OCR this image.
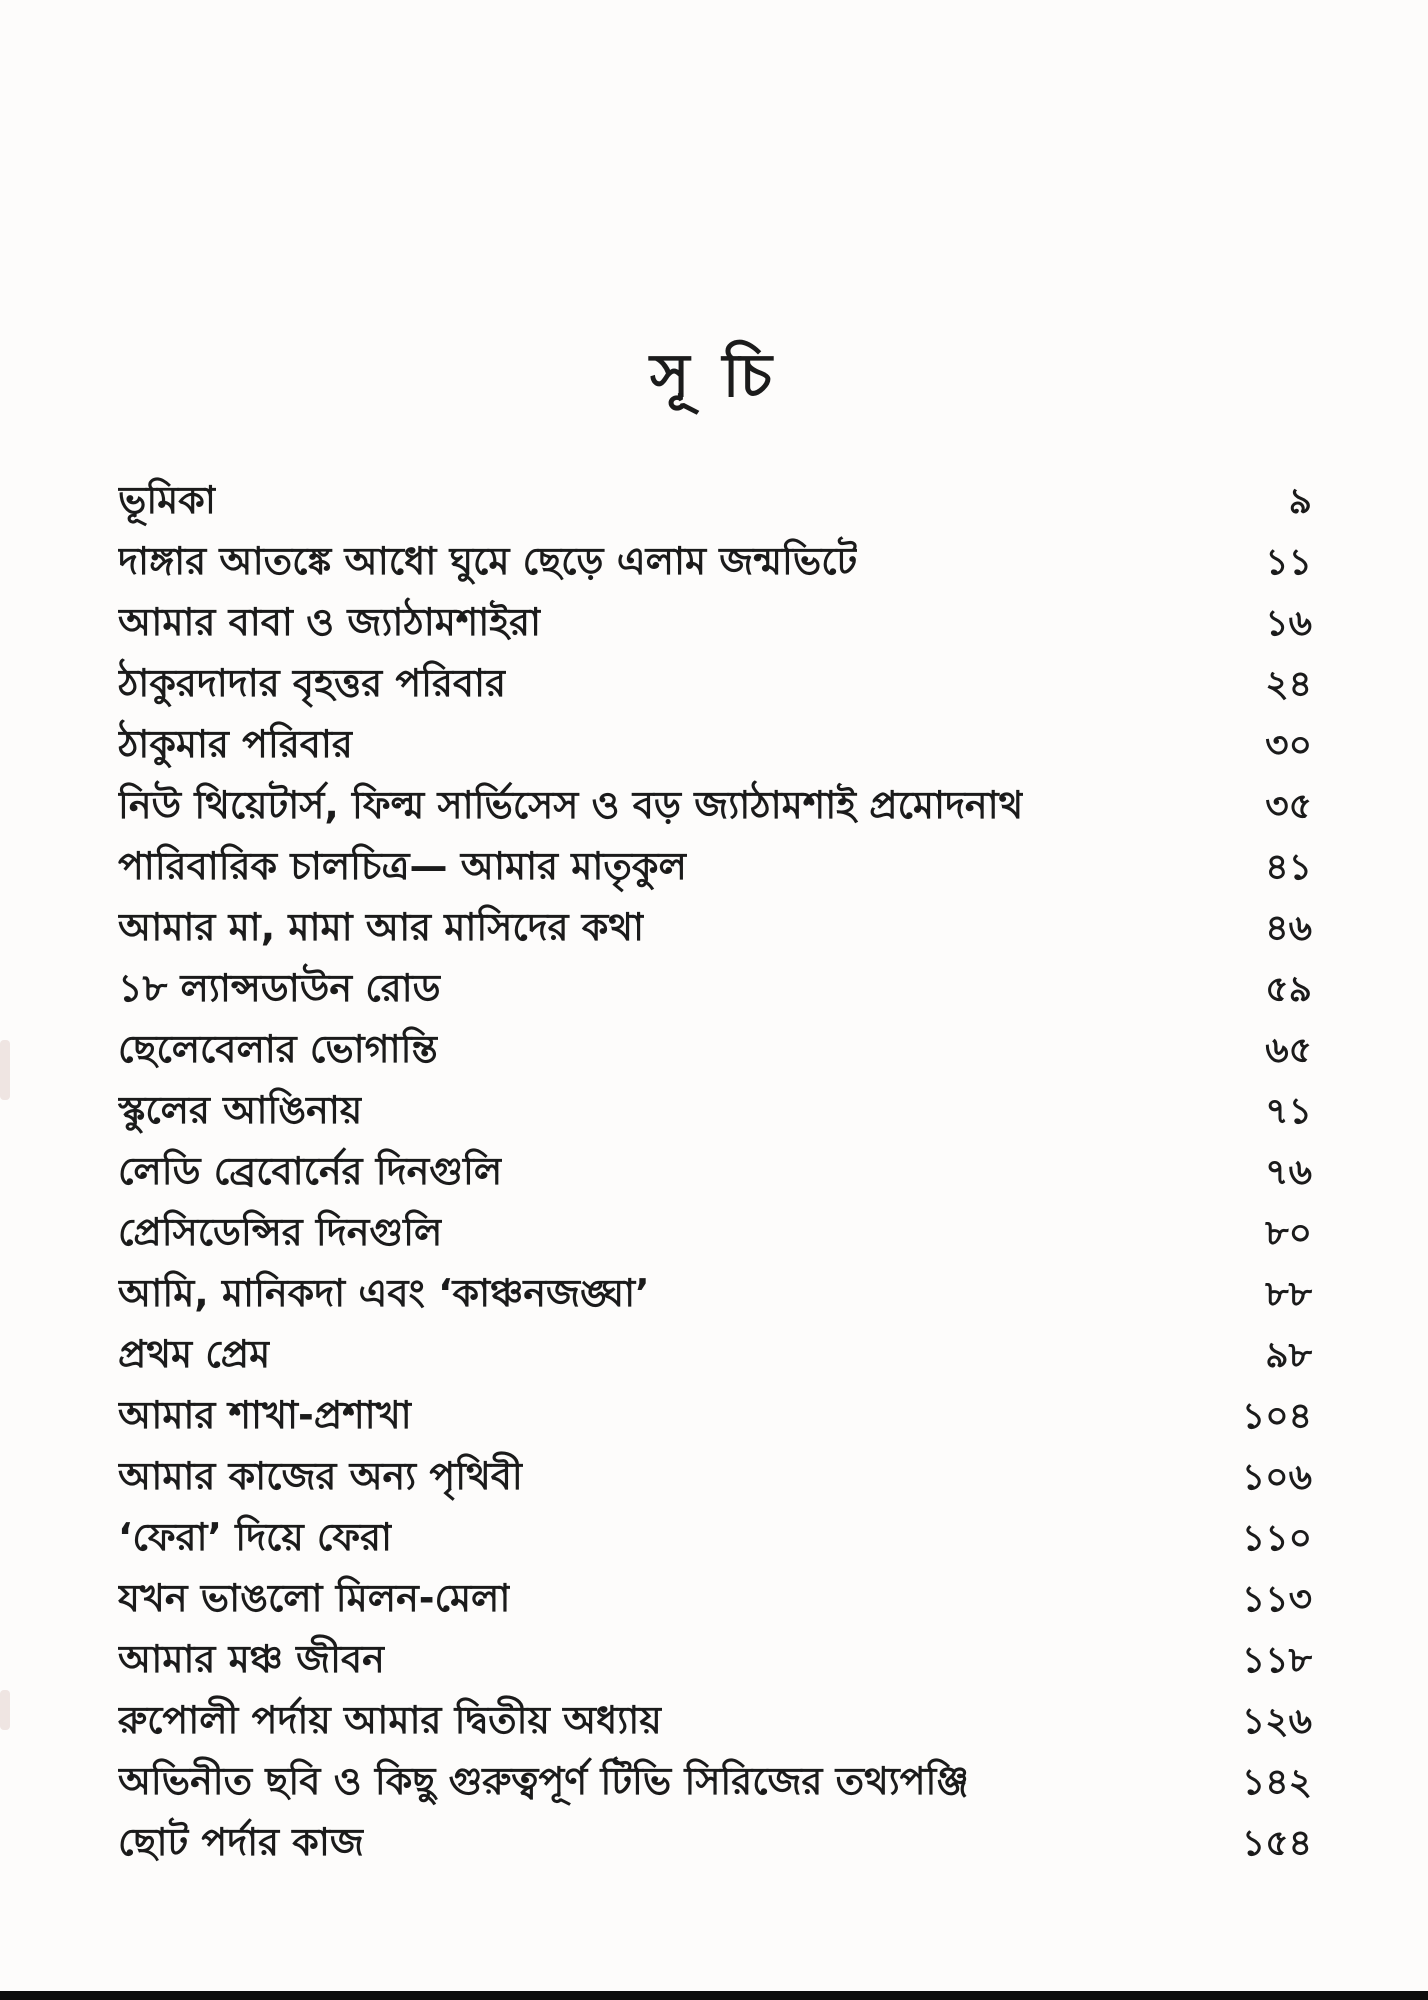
সূ চি
ভূমিকা	৯
দাঙ্গার আতঙ্কে আধো ঘুমে ছেড়ে এলাম জন্মভিটে	১১
আমার বাবা ও জ্যাঠামশাইরা	১৬
ঠাকুরদাদার বৃহত্তর পরিবার	২৪
ঠাকুমার পরিবার	৩০
নিউ থিয়েটার্স, ফিল্ম সার্ভিসেস ও বড় জ্যাঠামশাই প্রমোদনাথ	৩৫
পারিবারিক চালচিত্র— আমার মাতৃকুল	৪১
আমার মা, মামা আর মাসিদের কথা	৪৬
১৮ ল্যান্সডাউন রোড	৫৯
ছেলেবেলার ভোগান্তি	৬৫
স্কুলের আঙিনায়	৭১
লেডি ব্রেবোর্নের দিনগুলি	৭৬
প্রেসিডেন্সির দিনগুলি	৮০
আমি, মানিকদা এবং ‘কাঞ্চনজঙ্ঘা’	৮৮
প্রথম প্রেম	৯৮
আমার শাখা-প্রশাখা	১০৪
আমার কাজের অন্য পৃথিবী	১০৬
‘ফেরা’ দিয়ে ফেরা	১১০
যখন ভাঙলো মিলন-মেলা	১১৩
আমার মঞ্চ জীবন	১১৮
রুপোলী পর্দায় আমার দ্বিতীয় অধ্যায়	১২৬
অভিনীত ছবি ও কিছু গুরুত্বপূর্ণ টিভি সিরিজের তথ্যপঞ্জি	১৪২
ছোট পর্দার কাজ	১৫৪
